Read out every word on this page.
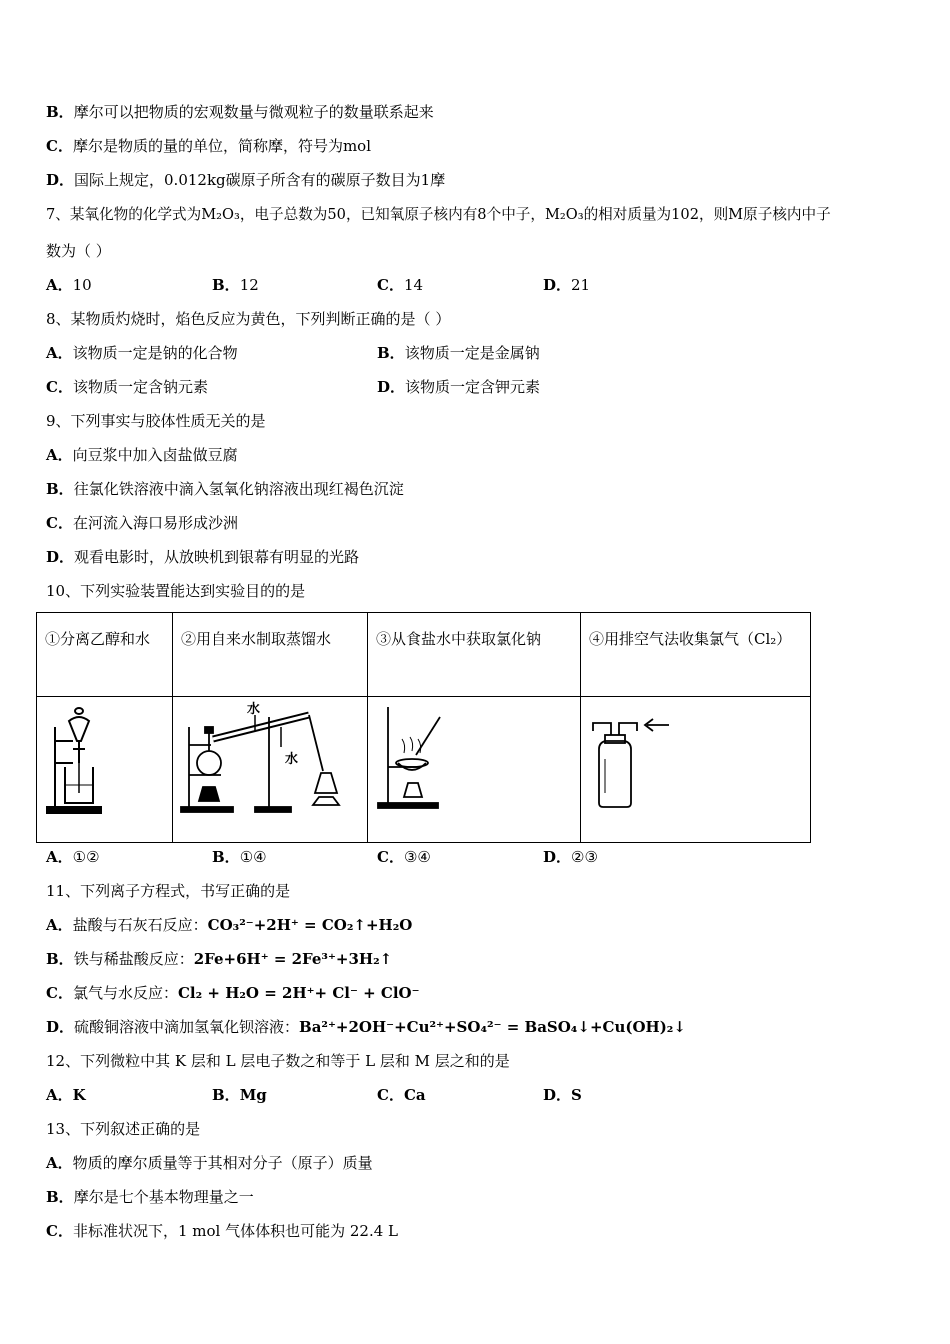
B．摩尔可以把物质的宏观数量与微观粒子的数量联系起来
C．摩尔是物质的量的单位，简称摩，符号为mol
D．国际上规定，0.012kg碳原子所含有的碳原子数目为1摩
7、某氧化物的化学式为M₂O₃，电子总数为50，已知氧原子核内有8个中子，M₂O₃的相对质量为102，则M原子核内中子
数为（ ）
A．10	B．12	C．14	D．21
8、某物质灼烧时，焰色反应为黄色，下列判断正确的是（ ）
A．该物质一定是钠的化合物	B．该物质一定是金属钠
C．该物质一定含钠元素	D．该物质一定含钾元素
9、下列事实与胶体性质无关的是
A．向豆浆中加入卤盐做豆腐
B．往氯化铁溶液中滴入氢氧化钠溶液出现红褐色沉淀
C．在河流入海口易形成沙洲
D．观看电影时，从放映机到银幕有明显的光路
10、下列实验装置能达到实验目的的是
①分离乙醇和水	②用自来水制取蒸馏水	③从食盐水中获取氯化钠	④用排空气法收集氯气（Cl₂）

水
水

A．①②	B．①④	C．③④	D．②③
11、下列离子方程式，书写正确的是
A．盐酸与石灰石反应：CO₃²⁻+2H⁺ = CO₂↑+H₂O
B．铁与稀盐酸反应：2Fe+6H⁺ = 2Fe³⁺+3H₂↑
C．氯气与水反应：Cl₂ + H₂O = 2H⁺+ Cl⁻ + ClO⁻
D．硫酸铜溶液中滴加氢氧化钡溶液：Ba²⁺+2OH⁻+Cu²⁺+SO₄²⁻ = BaSO₄↓+Cu(OH)₂↓
12、下列微粒中其 K 层和 L 层电子数之和等于 L 层和 M 层之和的是
A．K	B．Mg	C．Ca	D．S
13、下列叙述正确的是
A．物质的摩尔质量等于其相对分子（原子）质量
B．摩尔是七个基本物理量之一
C．非标准状况下，1 mol 气体体积也可能为 22.4 L
